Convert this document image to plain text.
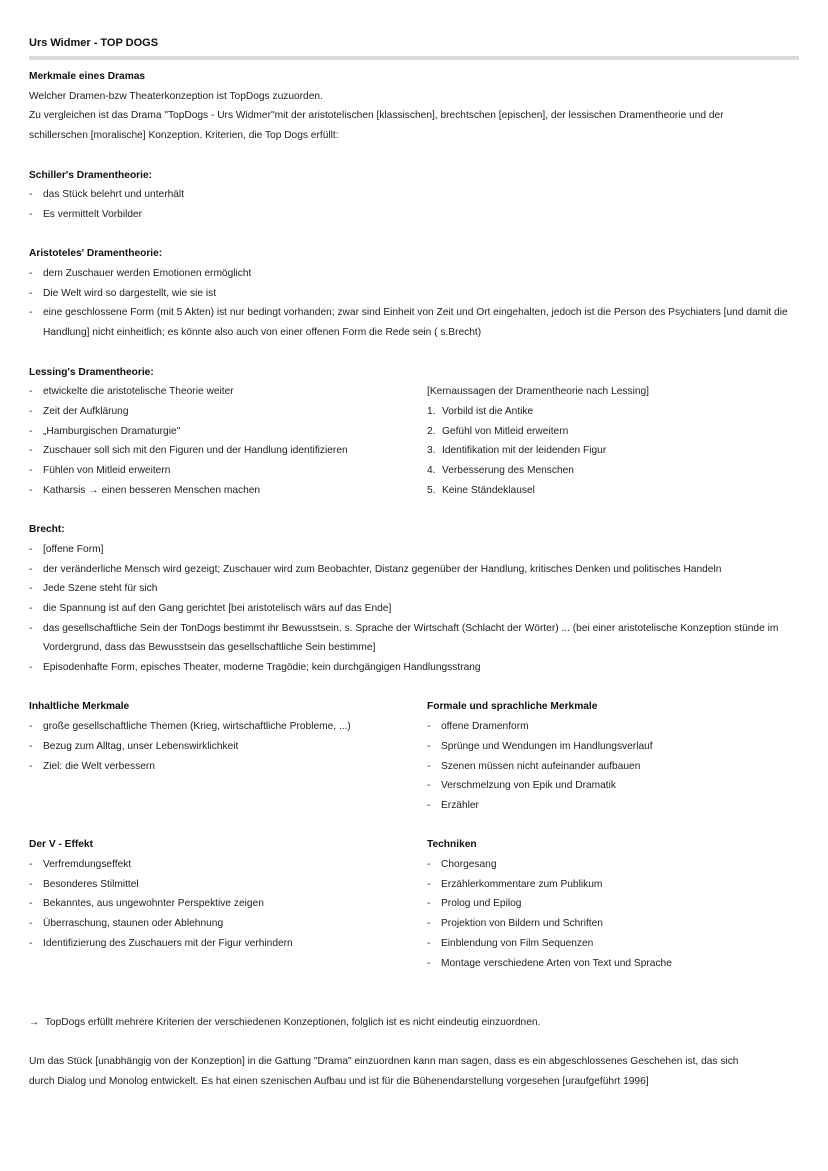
Urs Widmer - TOP DOGS
Merkmale eines Dramas
Welcher Dramen-bzw Theaterkonzeption ist TopDogs zuzuorden.
Zu vergleichen ist das Drama "TopDogs - Urs Widmer"mit der aristotelischen [klassischen], brechtschen [epischen], der lessischen Dramentheorie und der
schillerschen [moralische] Konzeption. Kriterien, die Top Dogs erfüllt:
Schiller's Dramentheorie:
- das Stück belehrt und unterhält
- Es vermittelt Vorbilder
Aristoteles' Dramentheorie:
- dem Zuschauer werden Emotionen ermöglicht
- Die Welt wird so dargestellt, wie sie ist
- eine geschlossene Form (mit 5 Akten) ist nur bedingt vorhanden; zwar sind Einheit von Zeit und Ort eingehalten, jedoch ist die Person des Psychiaters [und damit die Handlung] nicht einheitlich; es könnte also auch von einer offenen Form die Rede sein ( s.Brecht)
Lessing's Dramentheorie:
- etwickelte die aristotelische Theorie weiter
- Zeit der Aufklärung
- „Hamburgischen Dramaturgie"
- Zuschauer soll sich mit den Figuren und der Handlung identifizieren
- Fühlen von Mitleid erweitern
- Katharsis → einen besseren Menschen machen
[Kernaussagen der Dramentheorie nach Lessing]
1. Vorbild ist die Antike
2. Gefühl von Mitleid erweitern
3. Identifikation mit der leidenden Figur
4. Verbesserung des Menschen
5. Keine Ständeklausel
Brecht:
- [offene Form]
- der veränderliche Mensch wird gezeigt; Zuschauer wird zum Beobachter, Distanz gegenüber der Handlung, kritisches Denken und politisches Handeln
- Jede Szene steht für sich
- die Spannung ist auf den Gang gerichtet [bei aristotelisch wärs auf das Ende]
- das gesellschaftliche Sein der TonDogs bestimmt ihr Bewusstsein. s. Sprache der Wirtschaft (Schlacht der Wörter) ... (bei einer aristotelische Konzeption stünde im Vordergrund, dass das Bewusstsein das gesellschaftliche Sein bestimme]
- Episodenhafte Form, episches Theater, moderne Tragödie; kein durchgängigen Handlungsstrang
Inhaltliche Merkmale
- große gesellschaftliche Themen (Krieg, wirtschaftliche Probleme, ...)
- Bezug zum Alltag, unser Lebenswirklichkeit
- Ziel: die Welt verbessern
Formale und sprachliche Merkmale
- offene Dramenform
- Sprünge und Wendungen im Handlungsverlauf
- Szenen müssen nicht aufeinander aufbauen
- Verschmelzung von Epik und Dramatik
- Erzähler
Der V - Effekt
- Verfremdungseffekt
- Besonderes Stilmittel
- Bekanntes, aus ungewohnter Perspektive zeigen
- Überraschung, staunen oder Ablehnung
- Identifizierung des Zuschauers mit der Figur verhindern
Techniken
- Chorgesang
- Erzählerkommentare zum Publikum
- Prolog und Epilog
- Projektion von Bildern und Schriften
- Einblendung von Film Sequenzen
- Montage verschiedene Arten von Text und Sprache
→ TopDogs erfüllt mehrere Kriterien der verschiedenen Konzeptionen, folglich ist es nicht eindeutig einzuordnen.
Um das Stück [unabhängig von der Konzeption] in die Gattung "Drama" einzuordnen kann man sagen, dass es ein abgeschlossenes Geschehen ist, das sich
durch Dialog und Monolog entwickelt. Es hat einen szenischen Aufbau und ist für die Bühenendarstellung vorgesehen [uraufgeführt 1996]
